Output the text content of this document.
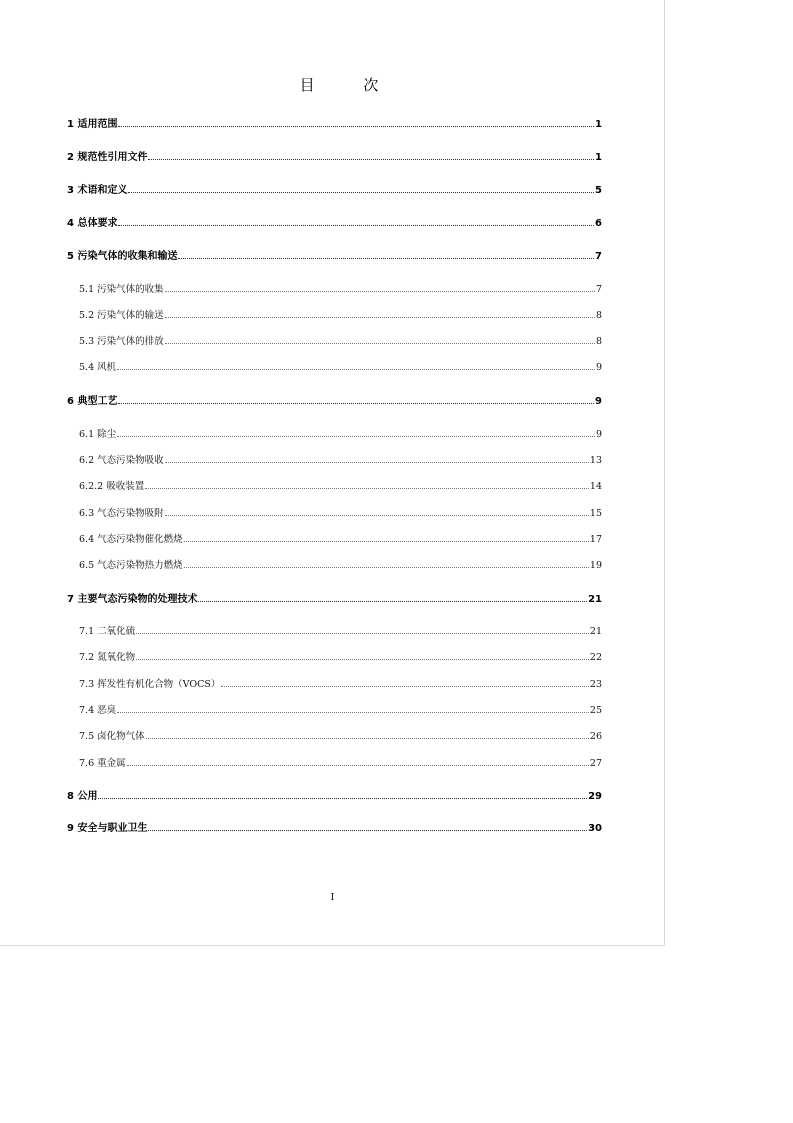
目 次
1 适用范围	1
2 规范性引用文件	1
3 术语和定义	5
4 总体要求	6
5 污染气体的收集和输送	7
5.1 污染气体的收集	7
5.2 污染气体的输送	8
5.3 污染气体的排放	8
5.4 风机	9
6 典型工艺	9
6.1 除尘	9
6.2 气态污染物吸收	13
6.2.2 吸收装置	14
6.3 气态污染物吸附	15
6.4 气态污染物催化燃烧	17
6.5 气态污染物热力燃烧	19
7 主要气态污染物的处理技术	21
7.1 二氧化硫	21
7.2 氮氧化物	22
7.3 挥发性有机化合物（VOCS）	23
7.4 恶臭	25
7.5 卤化物气体	26
7.6 重金属	27
8 公用	29
9 安全与职业卫生	30
I
